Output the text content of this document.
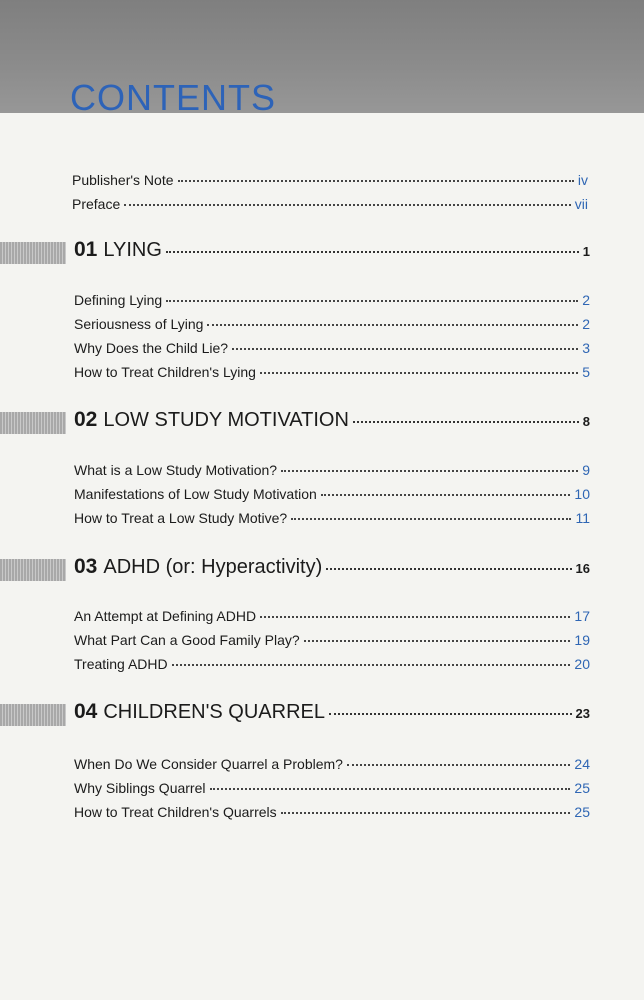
CONTENTS
Publisher's Note	iv
Preface	vii
01 LYING	1
Defining Lying	2
Seriousness of Lying	2
Why Does the Child Lie?	3
How to Treat Children's Lying	5
02 LOW STUDY MOTIVATION	8
What is a Low Study Motivation?	9
Manifestations of Low Study Motivation	10
How to Treat a Low Study Motive?	11
03 ADHD (or: Hyperactivity)	16
An Attempt at Defining ADHD	17
What Part Can a Good Family Play?	19
Treating ADHD	20
04 CHILDREN'S QUARREL	23
When Do We Consider Quarrel a Problem?	24
Why Siblings Quarrel	25
How to Treat Children's Quarrels	25
